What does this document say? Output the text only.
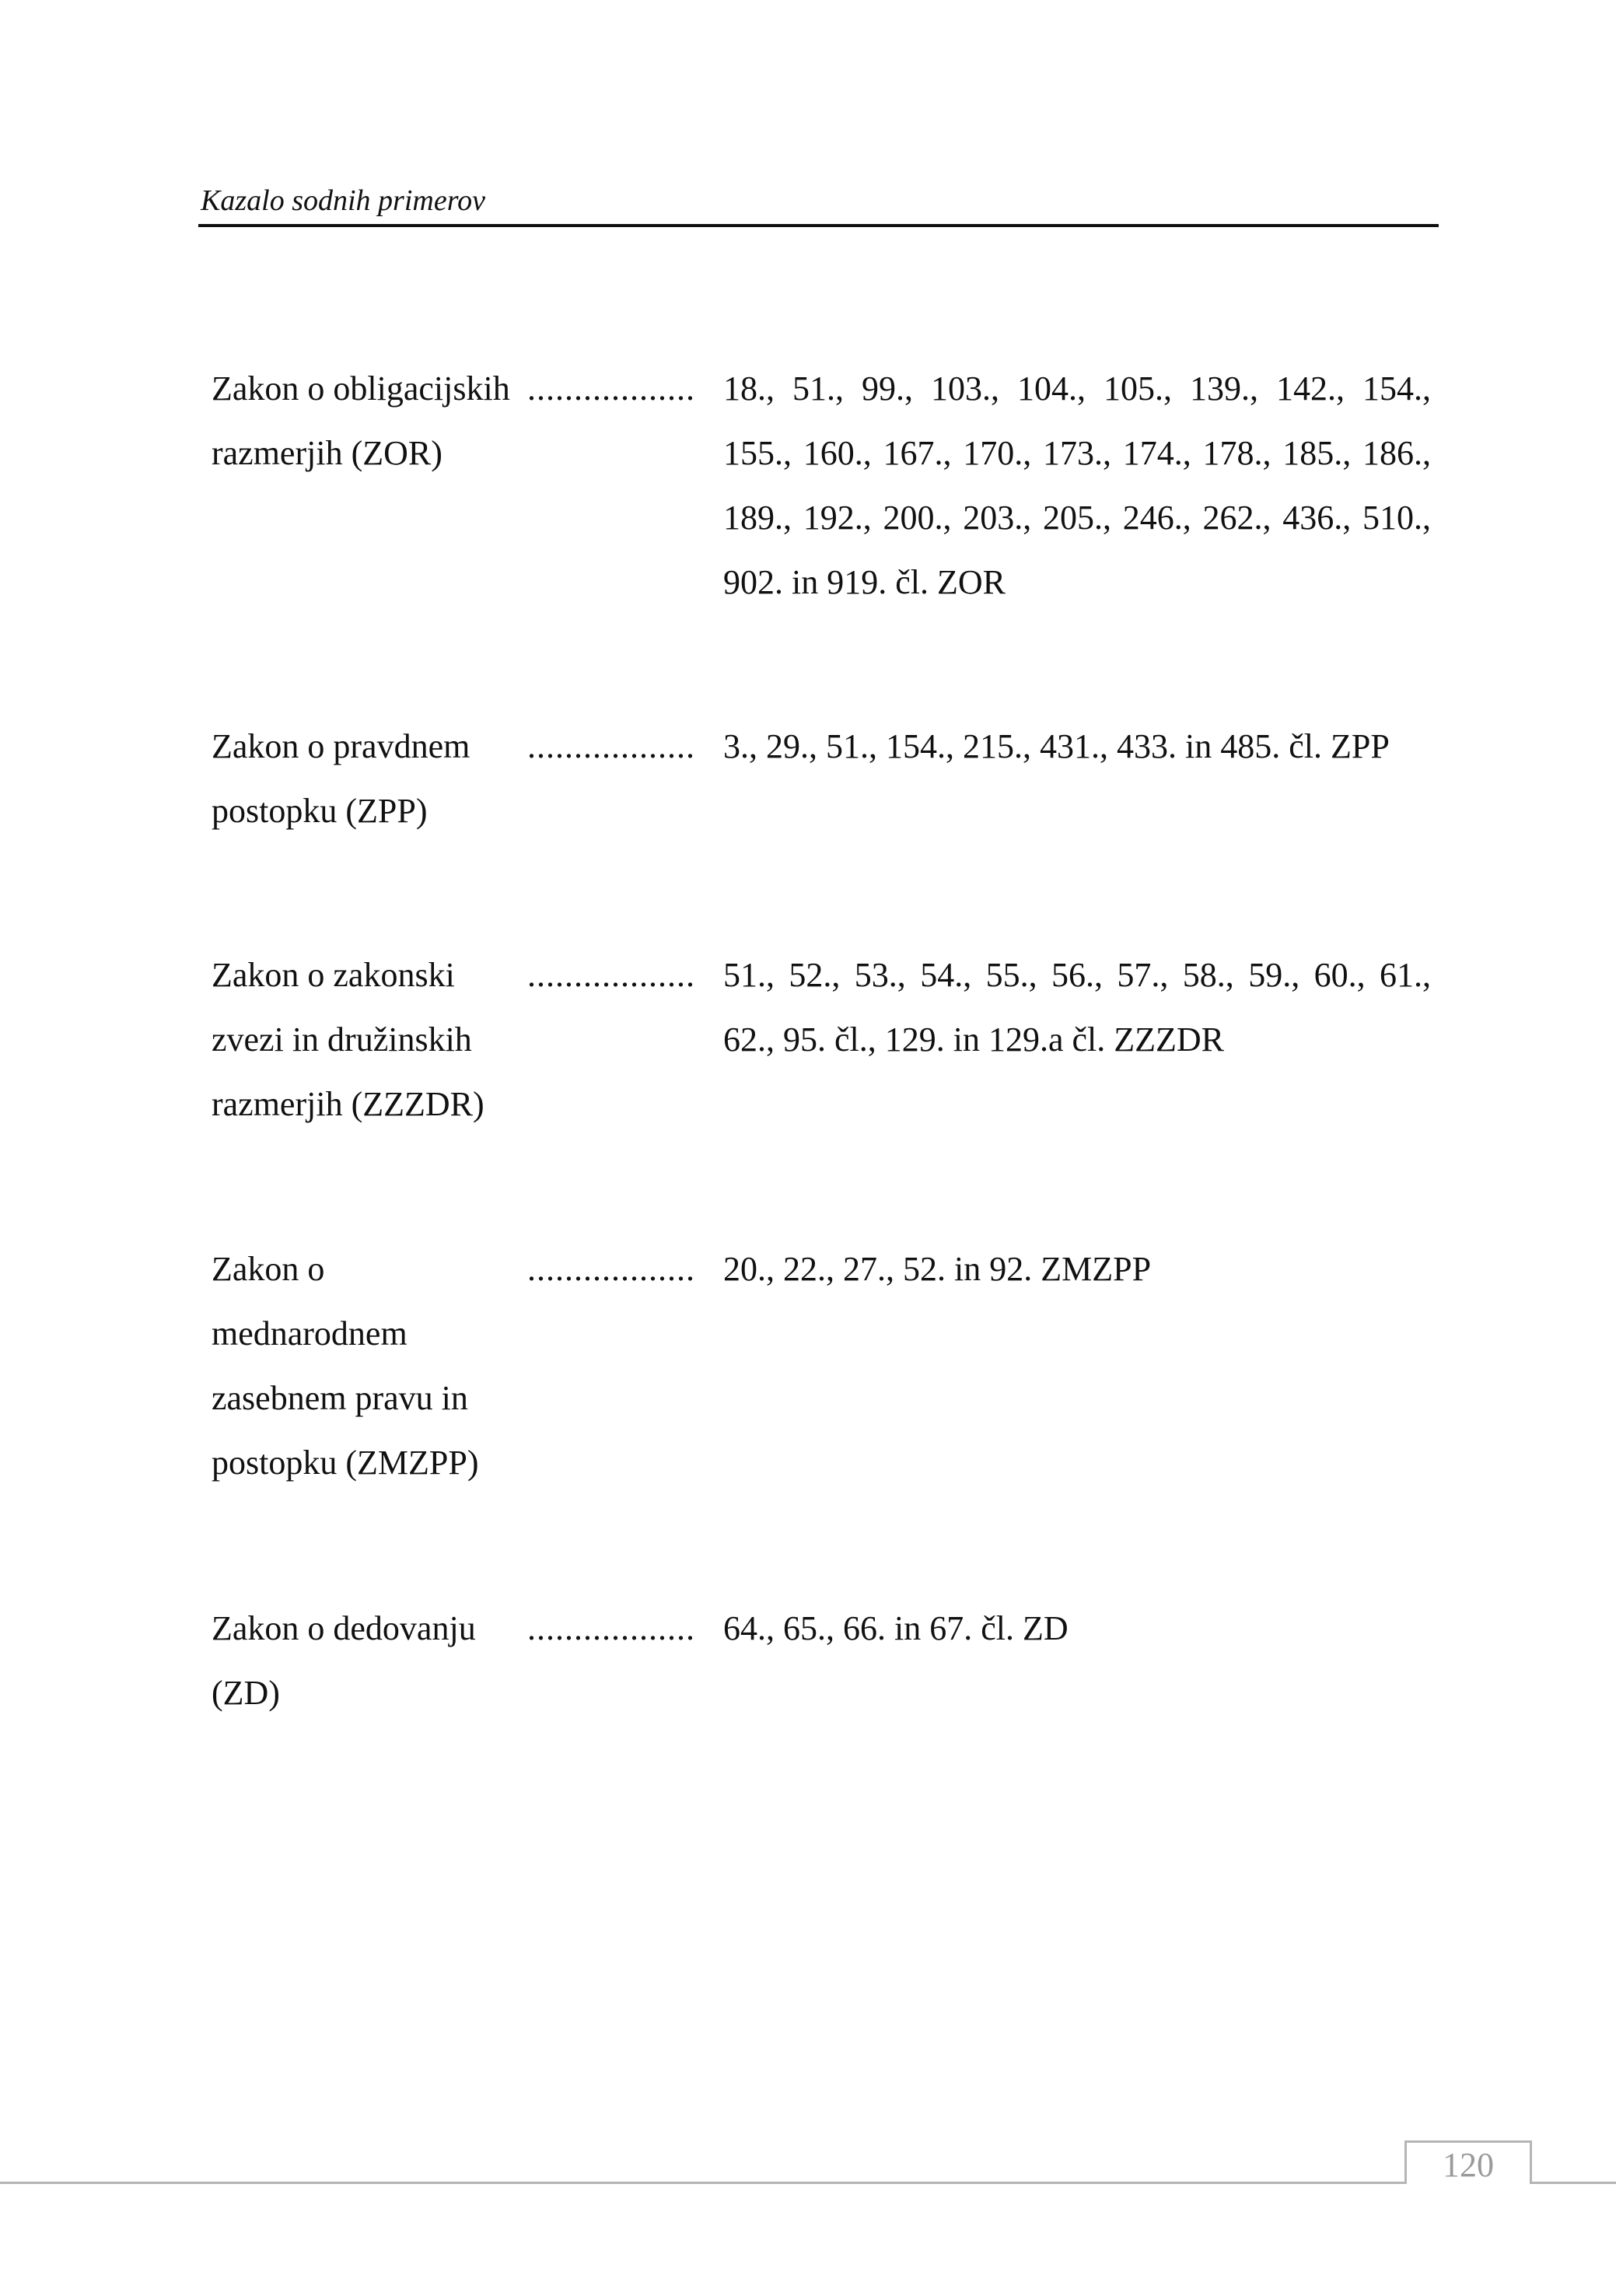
Kazalo sodnih primerov
Zakon o obligacijskih razmerjih (ZOR)
.................. 18., 51., 99., 103., 104., 105., 139., 142., 154., 155., 160., 167., 170., 173., 174., 178., 185., 186., 189., 192., 200., 203., 205., 246., 262., 436., 510., 902. in 919. čl. ZOR
Zakon o pravdnem postopku (ZPP)
.................. 3., 29., 51., 154., 215., 431., 433. in 485. čl. ZPP
Zakon o zakonski zvezi in družinskih razmerjih (ZZZDR)
.................. 51., 52., 53., 54., 55., 56., 57., 58., 59., 60., 61., 62., 95. čl., 129. in 129.a čl. ZZZDR
Zakon o mednarodnem zasebnem pravu in postopku (ZMZPP)
.................. 20., 22., 27., 52. in 92. ZMZPP
Zakon o dedovanju (ZD)
.................. 64., 65., 66. in 67. čl. ZD
120
